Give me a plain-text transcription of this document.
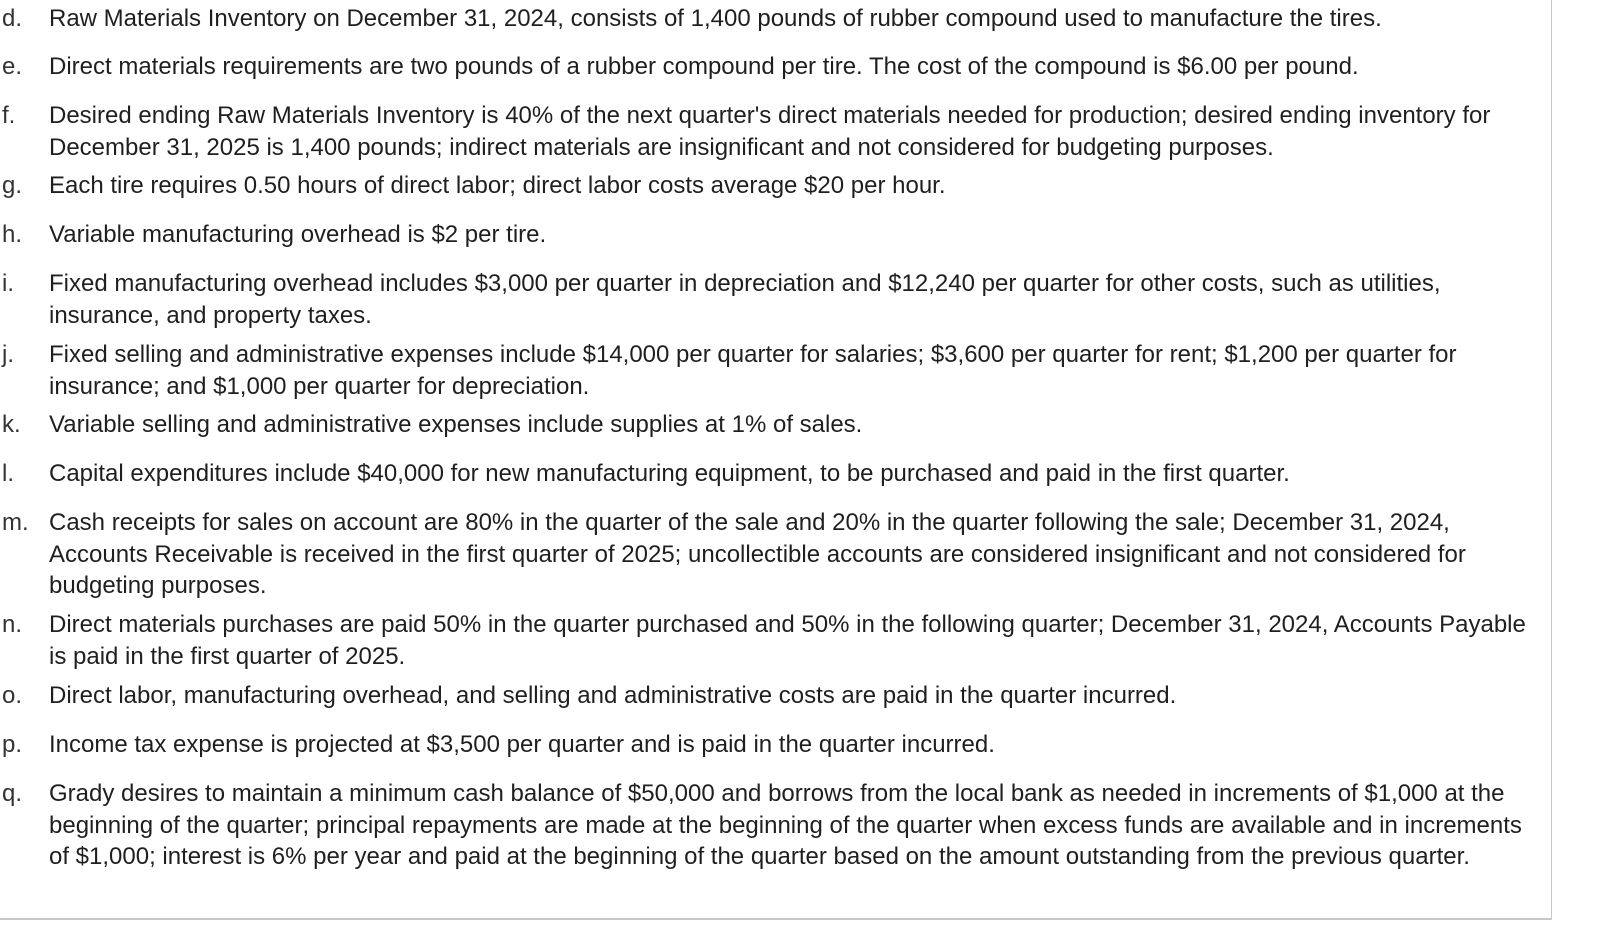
d.	Raw Materials Inventory on December 31, 2024, consists of 1,400 pounds of rubber compound used to manufacture the tires.
e.	Direct materials requirements are two pounds of a rubber compound per tire. The cost of the compound is $6.00 per pound.
f.	Desired ending Raw Materials Inventory is 40% of the next quarter's direct materials needed for production; desired ending inventory for December 31, 2025 is 1,400 pounds; indirect materials are insignificant and not considered for budgeting purposes.
g.	Each tire requires 0.50 hours of direct labor; direct labor costs average $20 per hour.
h.	Variable manufacturing overhead is $2 per tire.
i.	Fixed manufacturing overhead includes $3,000 per quarter in depreciation and $12,240 per quarter for other costs, such as utilities, insurance, and property taxes.
j.	Fixed selling and administrative expenses include $14,000 per quarter for salaries; $3,600 per quarter for rent; $1,200 per quarter for insurance; and $1,000 per quarter for depreciation.
k.	Variable selling and administrative expenses include supplies at 1% of sales.
l.	Capital expenditures include $40,000 for new manufacturing equipment, to be purchased and paid in the first quarter.
m. Cash receipts for sales on account are 80% in the quarter of the sale and 20% in the quarter following the sale; December 31, 2024, Accounts Receivable is received in the first quarter of 2025; uncollectible accounts are considered insignificant and not considered for budgeting purposes.
n.	Direct materials purchases are paid 50% in the quarter purchased and 50% in the following quarter; December 31, 2024, Accounts Payable is paid in the first quarter of 2025.
o.	Direct labor, manufacturing overhead, and selling and administrative costs are paid in the quarter incurred.
p.	Income tax expense is projected at $3,500 per quarter and is paid in the quarter incurred.
q.	Grady desires to maintain a minimum cash balance of $50,000 and borrows from the local bank as needed in increments of $1,000 at the beginning of the quarter; principal repayments are made at the beginning of the quarter when excess funds are available and in increments of $1,000; interest is 6% per year and paid at the beginning of the quarter based on the amount outstanding from the previous quarter.
